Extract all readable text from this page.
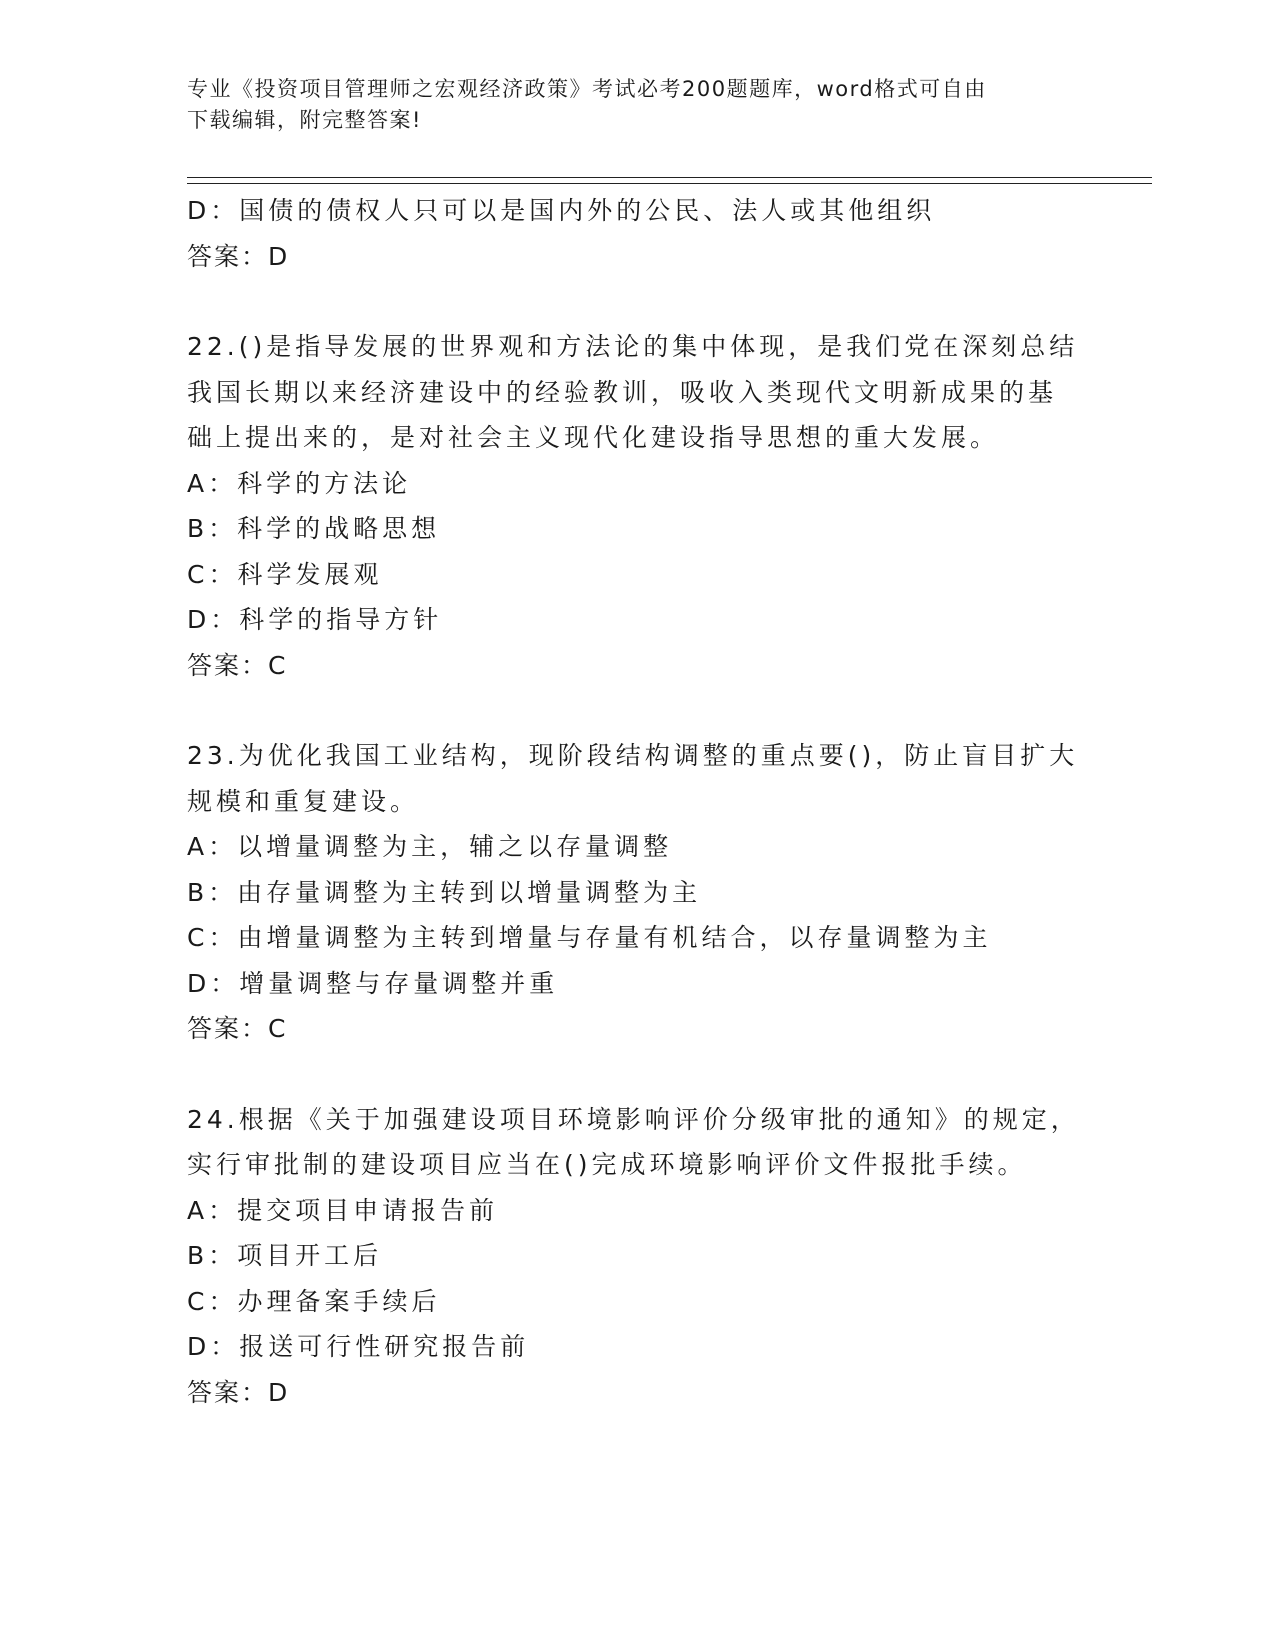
专业《投资项目管理师之宏观经济政策》考试必考200题题库，word格式可自由
下载编辑，附完整答案!
D：国债的债权人只可以是国内外的公民、法人或其他组织
答案：D
22.()是指导发展的世界观和方法论的集中体现，是我们党在深刻总结
我国长期以来经济建设中的经验教训，吸收入类现代文明新成果的基
础上提出来的，是对社会主义现代化建设指导思想的重大发展。
A：科学的方法论
B：科学的战略思想
C：科学发展观
D：科学的指导方针
答案：C
23.为优化我国工业结构，现阶段结构调整的重点要()，防止盲目扩大
规模和重复建设。
A：以增量调整为主，辅之以存量调整
B：由存量调整为主转到以增量调整为主
C：由增量调整为主转到增量与存量有机结合，以存量调整为主
D：增量调整与存量调整并重
答案：C
24.根据《关于加强建设项目环境影响评价分级审批的通知》的规定，
实行审批制的建设项目应当在()完成环境影响评价文件报批手续。
A：提交项目申请报告前
B：项目开工后
C：办理备案手续后
D：报送可行性研究报告前
答案：D
